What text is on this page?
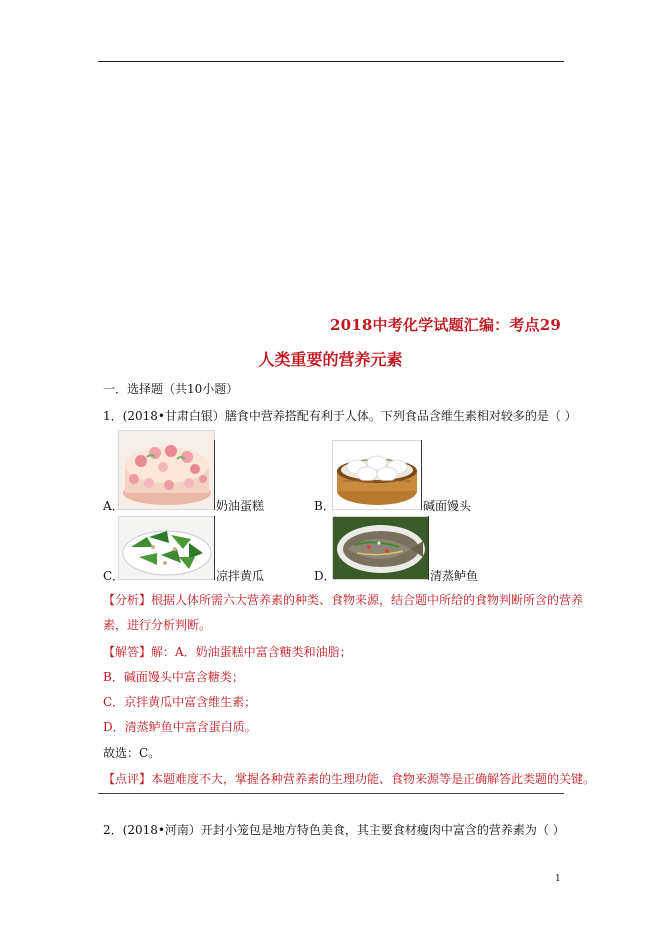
2018中考化学试题汇编：考点29
人类重要的营养元素
一．选择题（共10小题）
1．(2018•甘肃白银）膳食中营养搭配有利于人体。下列食品含维生素相对较多的是（ ）
A．	奶油蛋糕	B．	碱面馒头
C．	凉拌黄瓜	D．	清蒸鲈鱼
【分析】根据人体所需六大营养素的种类、食物来源，结合题中所给的食物判断所含的营养
素，进行分析判断。
【解答】解：A．奶油蛋糕中富含糖类和油脂；
B．碱面馒头中富含糖类；
C．京拌黄瓜中富含维生素；
D．清蒸鲈鱼中富含蛋白质。
故选：C。
【点评】本题难度不大，掌握各种营养素的生理功能、食物来源等是正确解答此类题的关键。
2．(2018•河南）开封小笼包是地方特色美食，其主要食材瘦肉中富含的营养素为（ ）
1
